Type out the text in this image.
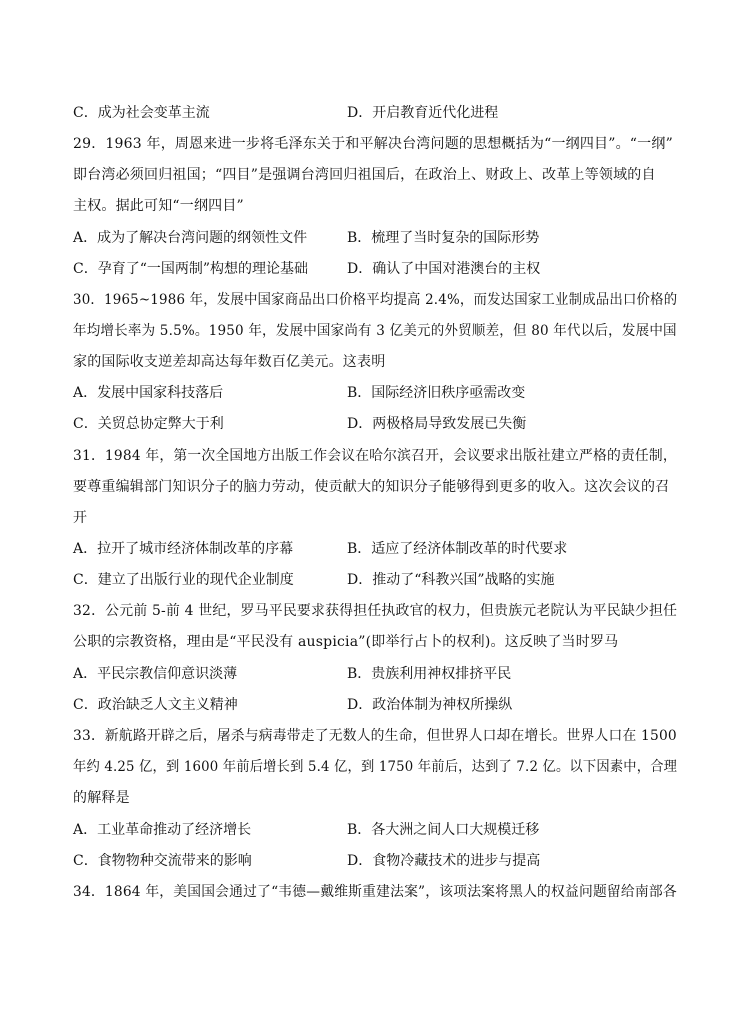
C．成为社会变革主流	D．开启教育近代化进程
29．1963 年，周恩来进一步将毛泽东关于和平解决台湾问题的思想概括为“一纲四目”。“一纲”
即台湾必须回归祖国；“四目”是强调台湾回归祖国后，在政治上、财政上、改革上等领域的自
主权。据此可知“一纲四目”
A．成为了解决台湾问题的纲领性文件	B．梳理了当时复杂的国际形势
C．孕育了“一国两制”构想的理论基础	D．确认了中国对港澳台的主权
30．1965~1986 年，发展中国家商品出口价格平均提高 2.4%，而发达国家工业制成品出口价格的
年均增长率为 5.5%。1950 年，发展中国家尚有 3 亿美元的外贸顺差，但 80 年代以后，发展中国
家的国际收支逆差却高达每年数百亿美元。这表明
A．发展中国家科技落后	B．国际经济旧秩序亟需改变
C．关贸总协定弊大于利	D．两极格局导致发展已失衡
31．1984 年，第一次全国地方出版工作会议在哈尔滨召开，会议要求出版社建立严格的责任制，
要尊重编辑部门知识分子的脑力劳动，使贡献大的知识分子能够得到更多的收入。这次会议的召
开
A．拉开了城市经济体制改革的序幕	B．适应了经济体制改革的时代要求
C．建立了出版行业的现代企业制度	D．推动了“科教兴国”战略的实施
32．公元前 5-前 4 世纪，罗马平民要求获得担任执政官的权力，但贵族元老院认为平民缺少担任
公职的宗教资格，理由是“平民没有 auspicia”(即举行占卜的权利)。这反映了当时罗马
A．平民宗教信仰意识淡薄	B．贵族利用神权排挤平民
C．政治缺乏人文主义精神	D．政治体制为神权所操纵
33．新航路开辟之后，屠杀与病毒带走了无数人的生命，但世界人口却在增长。世界人口在 1500
年约 4.25 亿，到 1600 年前后增长到 5.4 亿，到 1750 年前后，达到了 7.2 亿。以下因素中，合理
的解释是
A．工业革命推动了经济增长	B．各大洲之间人口大规模迁移
C．食物物种交流带来的影响	D．食物冷藏技术的进步与提高
34．1864 年，美国国会通过了“韦德—戴维斯重建法案”，该项法案将黑人的权益问题留给南部各
